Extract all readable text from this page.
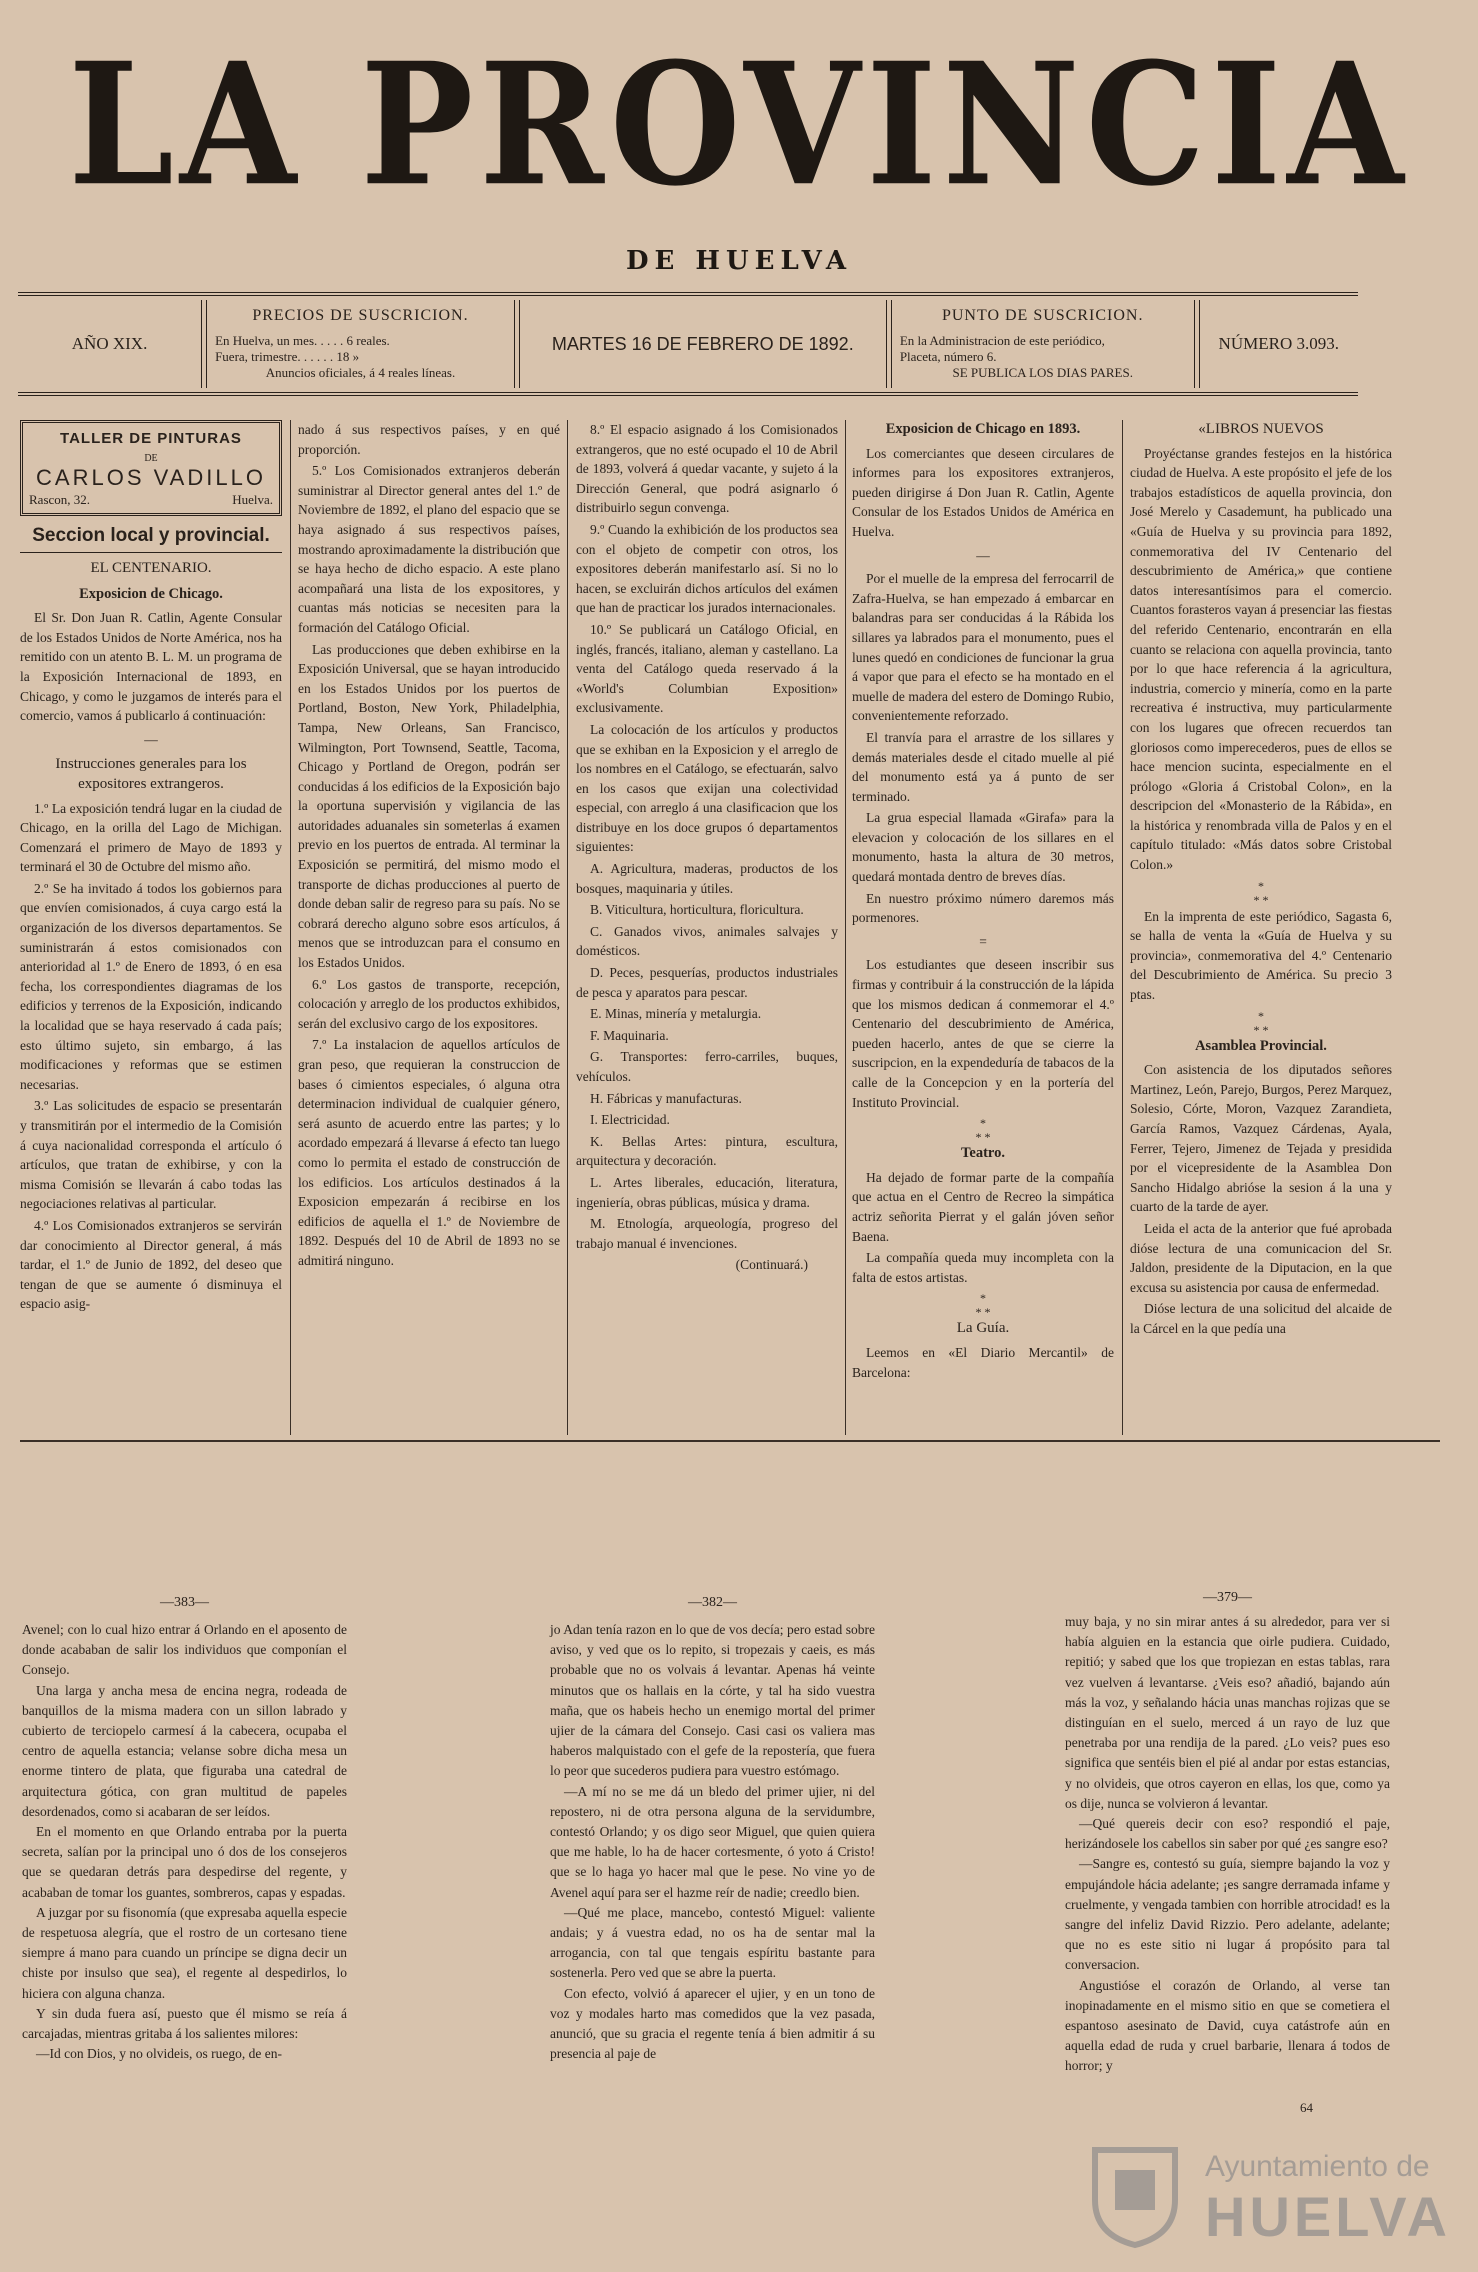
LA PROVINCIA
DE HUELVA
AÑO XIX.
PRECIOS DE SUSCRICION.
En Huelva, un mes. . . . . 6 reales.
Fuera, trimestre. . . . . . 18 »
Anuncios oficiales, á 4 reales líneas.
MARTES 16 DE FEBRERO DE 1892.
PUNTO DE SUSCRICION.
En la Administracion de este periódico,
Placeta, número 6.
SE PUBLICA LOS DIAS PARES.
NÚMERO 3.093.
TALLER DE PINTURAS
DE
CARLOS VADILLO
Rascon, 32.	Huelva.
Seccion local y provincial.
EL CENTENARIO.
Exposicion de Chicago.

El Sr. Don Juan R. Catlin, Agente Consular de los Estados Unidos de Norte América, nos ha remitido con un atento B. L. M. un programa de la Exposición Internacional de 1893, en Chicago, y como le juzgamos de interés para el comercio, vamos á publicarlo á continuación:

—
Instrucciones generales para los expositores extrangeros.

1.º La exposición tendrá lugar en la ciudad de Chicago, en la orilla del Lago de Michigan. Comenzará el primero de Mayo de 1893 y terminará el 30 de Octubre del mismo año.

2.º Se ha invitado á todos los gobiernos para que envíen comisionados, á cuya cargo está la organización de los diversos departamentos. Se suministrarán á estos comisionados con anterioridad al 1.º de Enero de 1893, ó en esa fecha, los correspondientes diagramas de los edificios y terrenos de la Exposición, indicando la localidad que se haya reservado á cada país; esto último sujeto, sin embargo, á las modificaciones y reformas que se estimen necesarias.

3.º Las solicitudes de espacio se presentarán y transmitirán por el intermedio de la Comisión á cuya nacionalidad corresponda el artículo ó artículos, que tratan de exhibirse, y con la misma Comisión se llevarán á cabo todas las negociaciones relativas al particular.

4.º Los Comisionados extranjeros se servirán dar conocimiento al Director general, á más tardar, el 1.º de Junio de 1892, del deseo que tengan de que se aumente ó disminuya el espacio asig-

nado á sus respectivos países, y en qué proporción.

5.º Los Comisionados extranjeros deberán suministrar al Director general antes del 1.º de Noviembre de 1892, el plano del espacio que se haya asignado á sus respectivos países, mostrando aproximadamente la distribución que se haya hecho de dicho espacio. A este plano acompañará una lista de los expositores, y cuantas más noticias se necesiten para la formación del Catálogo Oficial.

Las producciones que deben exhibirse en la Exposición Universal, que se hayan introducido en los Estados Unidos por los puertos de Portland, Boston, New York, Philadelphia, Tampa, New Orleans, San Francisco, Wilmington, Port Townsend, Seattle, Tacoma, Chicago y Portland de Oregon, podrán ser conducidas á los edificios de la Exposición bajo la oportuna supervisión y vigilancia de las autoridades aduanales sin someterlas á examen previo en los puertos de entrada. Al terminar la Exposición se permitirá, del mismo modo el transporte de dichas producciones al puerto de donde deban salir de regreso para su país. No se cobrará derecho alguno sobre esos artículos, á menos que se introduzcan para el consumo en los Estados Unidos.

6.º Los gastos de transporte, recepción, colocación y arreglo de los productos exhibidos, serán del exclusivo cargo de los expositores.

7.º La instalacion de aquellos artículos de gran peso, que requieran la construccion de bases ó cimientos especiales, ó alguna otra determinacion individual de cualquier género, será asunto de acuerdo entre las partes; y lo acordado empezará á llevarse á efecto tan luego como lo permita el estado de construcción de los edificios. Los artículos destinados á la Exposicion empezarán á recibirse en los edificios de aquella el 1.º de Noviembre de 1892. Después del 10 de Abril de 1893 no se admitirá ninguno.

8.º El espacio asignado á los Comisionados extrangeros, que no esté ocupado el 10 de Abril de 1893, volverá á quedar vacante, y sujeto á la Dirección General, que podrá asignarlo ó distribuirlo segun convenga.

9.º Cuando la exhibición de los productos sea con el objeto de competir con otros, los expositores deberán manifestarlo así. Si no lo hacen, se excluirán dichos artículos del exámen que han de practicar los jurados internacionales.

10.º Se publicará un Catálogo Oficial, en inglés, francés, italiano, aleman y castellano. La venta del Catálogo queda reservado á la «World's Columbian Exposition» exclusivamente.

La colocación de los artículos y productos que se exhiban en la Exposicion y el arreglo de los nombres en el Catálogo, se efectuarán, salvo en los casos que exijan una colectividad especial, con arreglo á una clasificacion que los distribuye en los doce grupos ó departamentos siguientes:

A. Agricultura, maderas, productos de los bosques, maquinaria y útiles.

B. Viticultura, horticultura, floricultura.

C. Ganados vivos, animales salvajes y domésticos.

D. Peces, pesquerías, productos industriales de pesca y aparatos para pescar.

E. Minas, minería y metalurgia.

F. Maquinaria.

G. Transportes: ferro-carriles, buques, vehículos.

H. Fábricas y manufacturas.

I. Electricidad.

K. Bellas Artes: pintura, escultura, arquitectura y decoración.

L. Artes liberales, educación, literatura, ingeniería, obras públicas, música y drama.

M. Etnología, arqueología, progreso del trabajo manual é invenciones.

(Continuará.)

Exposicion de Chicago en 1893.

Los comerciantes que deseen circulares de informes para los expositores extranjeros, pueden dirigirse á Don Juan R. Catlin, Agente Consular de los Estados Unidos de América en Huelva.

—

Por el muelle de la empresa del ferrocarril de Zafra-Huelva, se han empezado á embarcar en balandras para ser conducidas á la Rábida los sillares ya labrados para el monumento, pues el lunes quedó en condiciones de funcionar la grua á vapor que para el efecto se ha montado en el muelle de madera del estero de Domingo Rubio, convenientemente reforzado.

El tranvía para el arrastre de los sillares y demás materiales desde el citado muelle al pié del monumento está ya á punto de ser terminado.

La grua especial llamada «Girafa» para la elevacion y colocación de los sillares en el monumento, hasta la altura de 30 metros, quedará montada dentro de breves días.

En nuestro próximo número daremos más pormenores.

=

Los estudiantes que deseen inscribir sus firmas y contribuir á la construcción de la lápida que los mismos dedican á conmemorar el 4.º Centenario del descubrimiento de América, pueden hacerlo, antes de que se cierre la suscripcion, en la expendeduría de tabacos de la calle de la Concepcion y en la portería del Instituto Provincial.

*
* *
Teatro.

Ha dejado de formar parte de la compañía que actua en el Centro de Recreo la simpática actriz señorita Pierrat y el galán jóven señor Baena.

La compañía queda muy incompleta con la falta de estos artistas.

*
* *
La Guía.

Leemos en «El Diario Mercantil» de Barcelona:

«LIBROS NUEVOS

Proyéctanse grandes festejos en la histórica ciudad de Huelva. A este propósito el jefe de los trabajos estadísticos de aquella provincia, don José Merelo y Casademunt, ha publicado una «Guía de Huelva y su provincia para 1892, conmemorativa del IV Centenario del descubrimiento de América,» que contiene datos interesantísimos para el comercio. Cuantos forasteros vayan á presenciar las fiestas del referido Centenario, encontrarán en ella cuanto se relaciona con aquella provincia, tanto por lo que hace referencia á la agricultura, industria, comercio y minería, como en la parte recreativa é instructiva, muy particularmente con los lugares que ofrecen recuerdos tan gloriosos como imperecederos, pues de ellos se hace mencion sucinta, especialmente en el prólogo «Gloria á Cristobal Colon», en la descripcion del «Monasterio de la Rábida», en la histórica y renombrada villa de Palos y en el capítulo titulado: «Más datos sobre Cristobal Colon.»

*
* *

En la imprenta de este periódico, Sagasta 6, se halla de venta la «Guía de Huelva y su provincia», conmemorativa del 4.º Centenario del Descubrimiento de América. Su precio 3 ptas.

*
* *
Asamblea Provincial.

Con asistencia de los diputados señores Martinez, León, Parejo, Burgos, Perez Marquez, Solesio, Córte, Moron, Vazquez Zarandieta, García Ramos, Vazquez Cárdenas, Ayala, Ferrer, Tejero, Jimenez de Tejada y presidida por el vicepresidente de la Asamblea Don Sancho Hidalgo abrióse la sesion á la una y cuarto de la tarde de ayer.

Leida el acta de la anterior que fué aprobada dióse lectura de una comunicacion del Sr. Jaldon, presidente de la Diputacion, en la que excusa su asistencia por causa de enfermedad.

Dióse lectura de una solicitud del alcaide de la Cárcel en la que pedía una

—383—

Avenel; con lo cual hizo entrar á Orlando en el aposento de donde acababan de salir los individuos que componían el Consejo.

Una larga y ancha mesa de encina negra, rodeada de banquillos de la misma madera con un sillon labrado y cubierto de terciopelo carmesí á la cabecera, ocupaba el centro de aquella estancia; velanse sobre dicha mesa un enorme tintero de plata, que figuraba una catedral de arquitectura gótica, con gran multitud de papeles desordenados, como si acabaran de ser leídos.

En el momento en que Orlando entraba por la puerta secreta, salían por la principal uno ó dos de los consejeros que se quedaran detrás para despedirse del regente, y acababan de tomar los guantes, sombreros, capas y espadas.

A juzgar por su fisonomía (que expresaba aquella especie de respetuosa alegría, que el rostro de un cortesano tiene siempre á mano para cuando un príncipe se digna decir un chiste por insulso que sea), el regente al despedirlos, lo hiciera con alguna chanza.

Y sin duda fuera así, puesto que él mismo se reía á carcajadas, mientras gritaba á los salientes milores:

—Id con Dios, y no olvideis, os ruego, de en-

—382—

jo Adan tenía razon en lo que de vos decía; pero estad sobre aviso, y ved que os lo repito, si tropezais y caeis, es más probable que no os volvais á levantar. Apenas há veinte minutos que os hallais en la córte, y tal ha sido vuestra maña, que os habeis hecho un enemigo mortal del primer ujier de la cámara del Consejo. Casi casi os valiera mas haberos malquistado con el gefe de la repostería, que fuera lo peor que sucederos pudiera para vuestro estómago.

—A mí no se me dá un bledo del primer ujier, ni del repostero, ni de otra persona alguna de la servidumbre, contestó Orlando; y os digo seor Miguel, que quien quiera que me hable, lo ha de hacer cortesmente, ó yoto á Cristo! que se lo haga yo hacer mal que le pese. No vine yo de Avenel aquí para ser el hazme reír de nadie; creedlo bien.

—Qué me place, mancebo, contestó Miguel: valiente andais; y á vuestra edad, no os ha de sentar mal la arrogancia, con tal que tengais espíritu bastante para sostenerla. Pero ved que se abre la puerta.

Con efecto, volvió á aparecer el ujier, y en un tono de voz y modales harto mas comedidos que la vez pasada, anunció, que su gracia el regente tenía á bien admitir á su presencia al paje de

—379—

muy baja, y no sin mirar antes á su alrededor, para ver si había alguien en la estancia que oirle pudiera. Cuidado, repitió; y sabed que los que tropiezan en estas tablas, rara vez vuelven á levantarse. ¿Veis eso? añadió, bajando aún más la voz, y señalando hácia unas manchas rojizas que se distinguían en el suelo, merced á un rayo de luz que penetraba por una rendija de la pared. ¿Lo veis? pues eso significa que sentéis bien el pié al andar por estas estancias, y no olvideis, que otros cayeron en ellas, los que, como ya os dije, nunca se volvieron á levantar.

—Qué quereis decir con eso? respondió el paje, herizándosele los cabellos sin saber por qué ¿es sangre eso?

—Sangre es, contestó su guía, siempre bajando la voz y empujándole hácia adelante; ¡es sangre derramada infame y cruelmente, y vengada tambien con horrible atrocidad! es la sangre del infeliz David Rizzio. Pero adelante, adelante; que no es este sitio ni lugar á propósito para tal conversacion.

Angustióse el corazón de Orlando, al verse tan inopinadamente en el mismo sitio en que se cometiera el espantoso asesinato de David, cuya catástrofe aún en aquella edad de ruda y cruel barbarie, llenara á todos de horror; y

64
Ayuntamiento de
HUELVA
